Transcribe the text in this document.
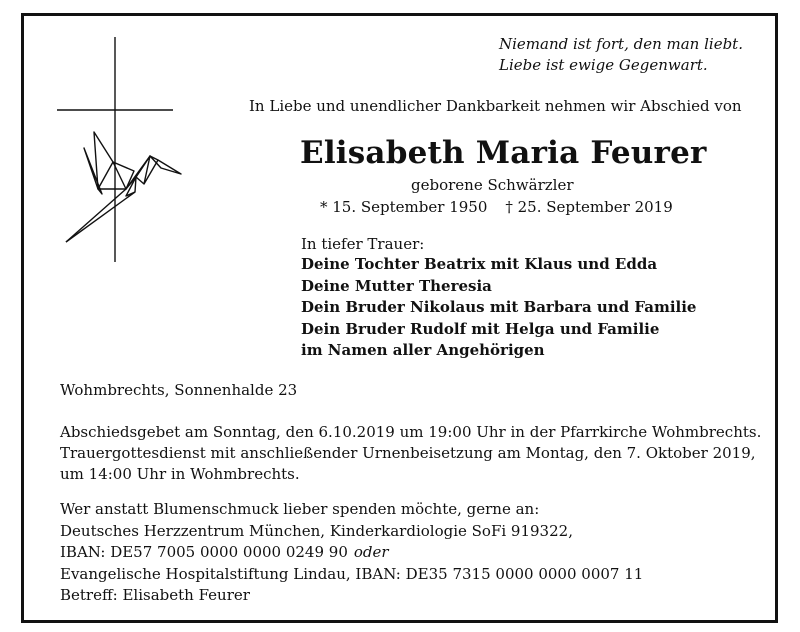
Niemand ist fort, den man liebt.
Liebe ist ewige Gegenwart.
In Liebe und unendlicher Dankbarkeit nehmen wir Abschied von
Elisabeth Maria Feurer
geborene Schwärzler
* 15. September 1950 † 25. September 2019
In tiefer Trauer:
Deine Tochter Beatrix mit Klaus und Edda
Deine Mutter Theresia
Dein Bruder Nikolaus mit Barbara und Familie
Dein Bruder Rudolf mit Helga und Familie
im Namen aller Angehörigen
Wohmbrechts, Sonnenhalde 23
Abschiedsgebet am Sonntag, den 6.10.2019 um 19:00 Uhr in der Pfarrkirche Wohmbrechts.
Trauergottesdienst mit anschließender Urnenbeisetzung am Montag, den 7. Oktober 2019,
um 14:00 Uhr in Wohmbrechts.
Wer anstatt Blumenschmuck lieber spenden möchte, gerne an:
Deutsches Herzzentrum München, Kinderkardiologie SoFi 919322,
IBAN: DE57 7005 0000 0000 0249 90 oder
Evangelische Hospitalstiftung Lindau, IBAN: DE35 7315 0000 0000 0007 11
Betreff: Elisabeth Feurer
